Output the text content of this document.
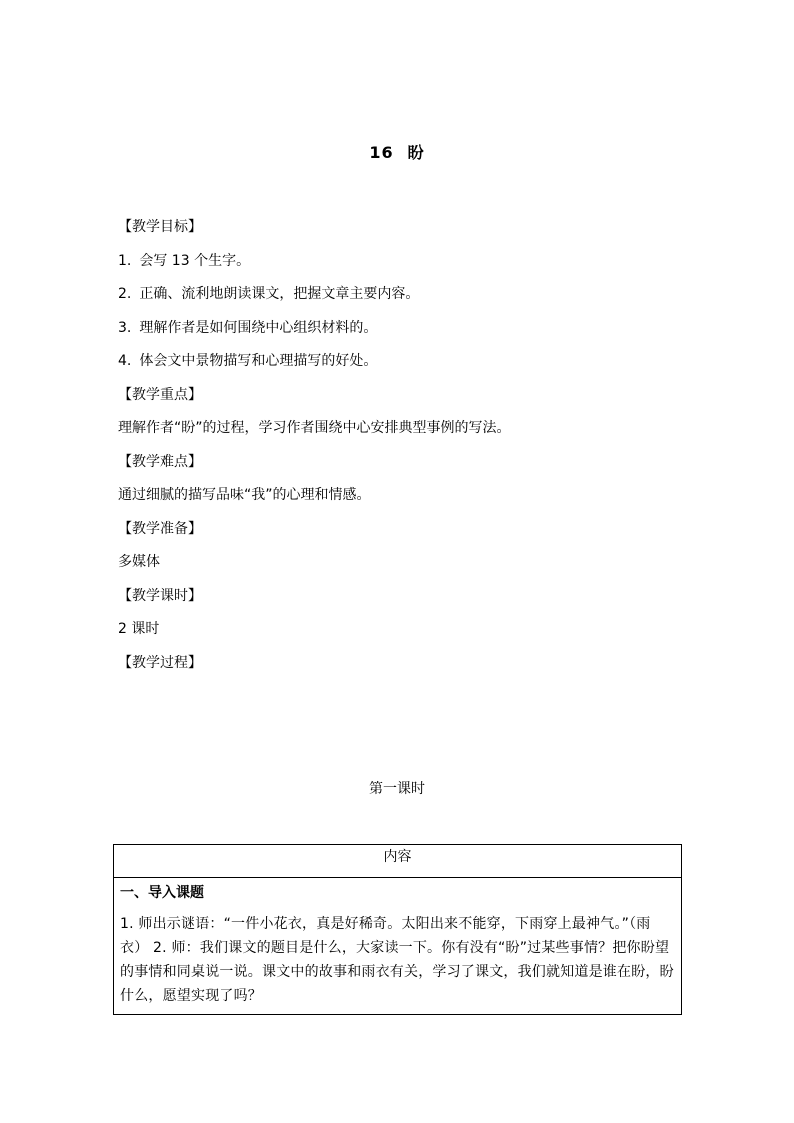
16 盼
【教学目标】
1. 会写 13 个生字。
2. 正确、流利地朗读课文，把握文章主要内容。
3. 理解作者是如何围绕中心组织材料的。
4. 体会文中景物描写和心理描写的好处。
【教学重点】
理解作者“盼”的过程，学习作者围绕中心安排典型事例的写法。
【教学难点】
通过细腻的描写品味“我”的心理和情感。
【教学准备】
多媒体
【教学课时】
2 课时
【教学过程】
第一课时
内容

一、导入课题
1. 师出示谜语：“一件小花衣，真是好稀奇。太阳出来不能穿，下雨穿上最神气。”（雨衣） 2. 师：我们课文的题目是什么，大家读一下。你有没有“盼”过某些事情？把你盼望的事情和同桌说一说。课文中的故事和雨衣有关，学习了课文，我们就知道是谁在盼，盼什么，愿望实现了吗？
